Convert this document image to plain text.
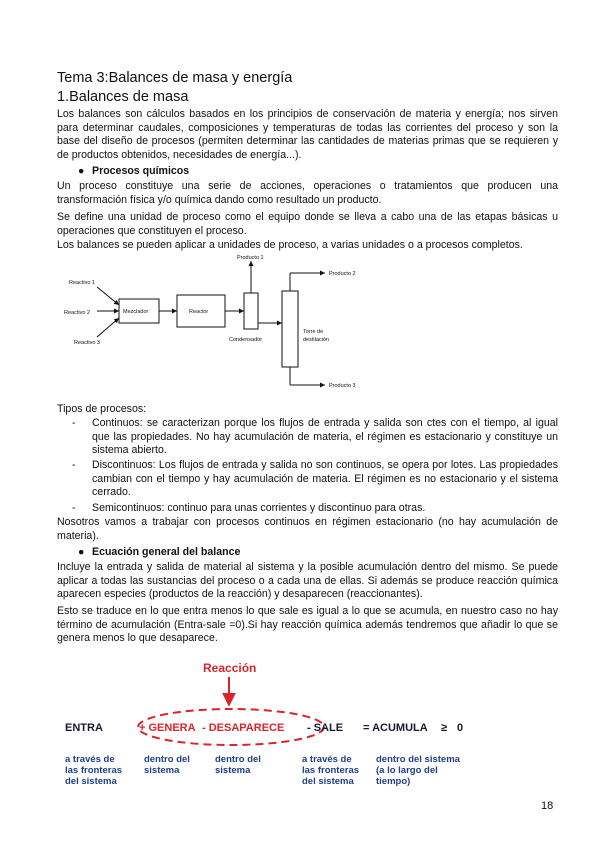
Tema 3:Balances de masa y energía
1.Balances de masa

Los balances son cálculos basados en los principios de conservación de materia y energía; nos sirven para determinar caudales, composiciones y temperaturas de todas las corrientes del proceso y son la base del diseño de procesos (permiten determinar las cantidades de materias primas que se requieren y de productos obtenidos, necesidades de energía...).

● Procesos químicos

Un proceso constituye una serie de acciones, operaciones o tratamientos que producen una transformación física y/o química dando como resultado un producto.

Se define una unidad de proceso como el equipo donde se lleva a cabo una de las etapas básicas u operaciones que constituyen el proceso.

Los balances se pueden aplicar a unidades de proceso, a varias unidades o a procesos completos.

Reactivo 1
Reactivo 2
Reactivo 3
Mezclador	Reactor
Condensador
Torre de
destilación
Producto 1
Producto 2
Producto 3

Tipos de procesos:

- Continuos: se caracterizan porque los flujos de entrada y salida son ctes con el tiempo, al igual que las propiedades. No hay acumulación de materia, el régimen es estacionario y constituye un sistema abierto.

- Discontinuos: Los flujos de entrada y salida no son continuos, se opera por lotes. Las propiedades cambian con el tiempo y hay acumulación de materia. El régimen es no estacionario y el sistema cerrado.

- Semicontinuos: continuo para unas corrientes y discontinuo para otras.

Nosotros vamos a trabajar con procesos continuos en régimen estacionario (no hay acumulación de materia).

● Ecuación general del balance

Incluye la entrada y salida de material al sistema y la posible acumulación dentro del mismo. Se puede aplicar a todas las sustancias del proceso o a cada una de ellas. Si además se produce reacción química aparecen especies (productos de la reacción) y desaparecen (reaccionantes).

Esto se traduce en lo que entra menos lo que sale es igual a lo que se acumula, en nuestro caso no hay término de acumulación (Entra-sale =0).Si hay reacción química además tendremos que añadir lo que se genera menos lo que desaparece.

Reacción
ENTRA	+ GENERA - DESAPARECE - SALE = ACUMULA ≥ 0
a través de
las fronteras
del sistema
dentro del
sistema
dentro del
sistema
a través de
las fronteras
del sistema
dentro del sistema
(a lo largo del
tiempo)
18
